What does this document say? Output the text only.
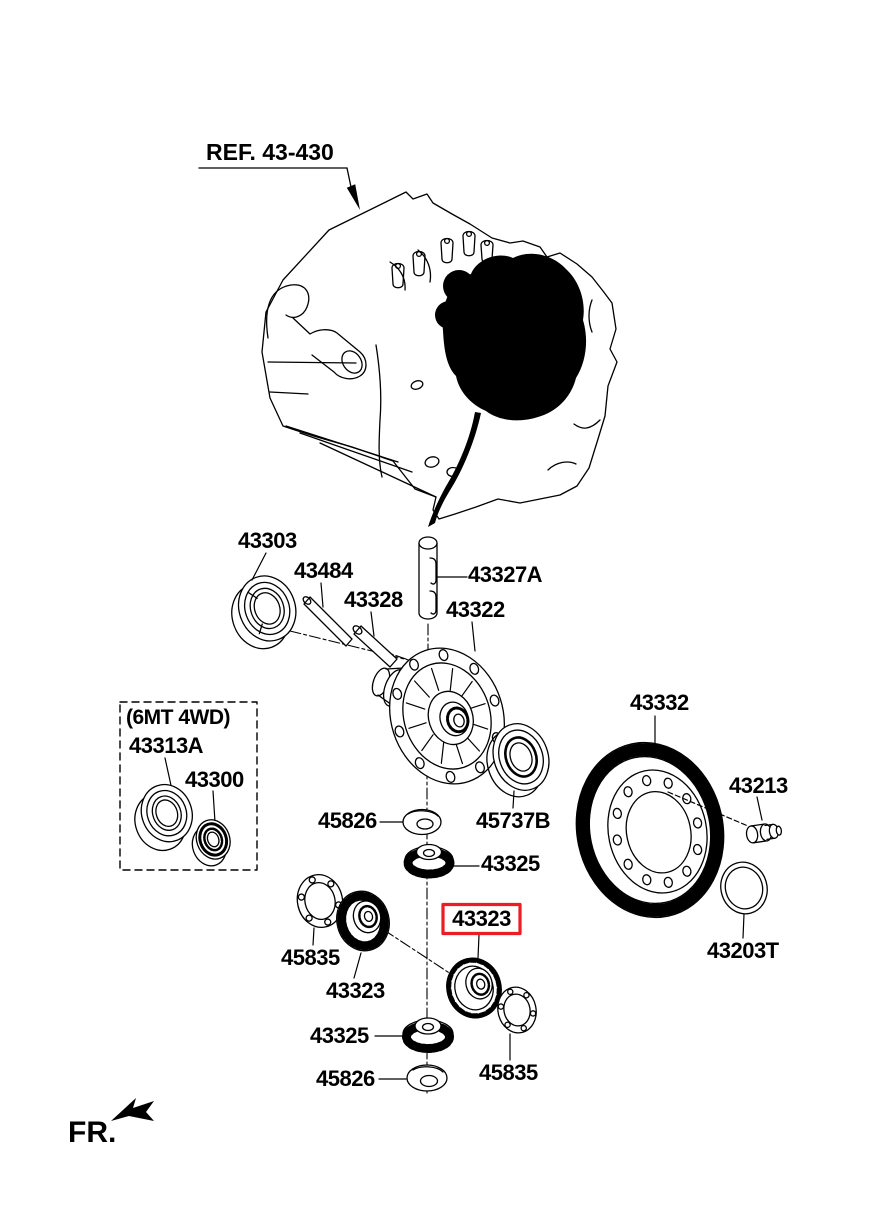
REF. 43-430
43303
43484
43328
43327A
43322
(6MT 4WD)
43313A
43300
45826	45737B
43325
43332
43213
43203T
45835
43323
43323
43325
45826	45835
FR.
